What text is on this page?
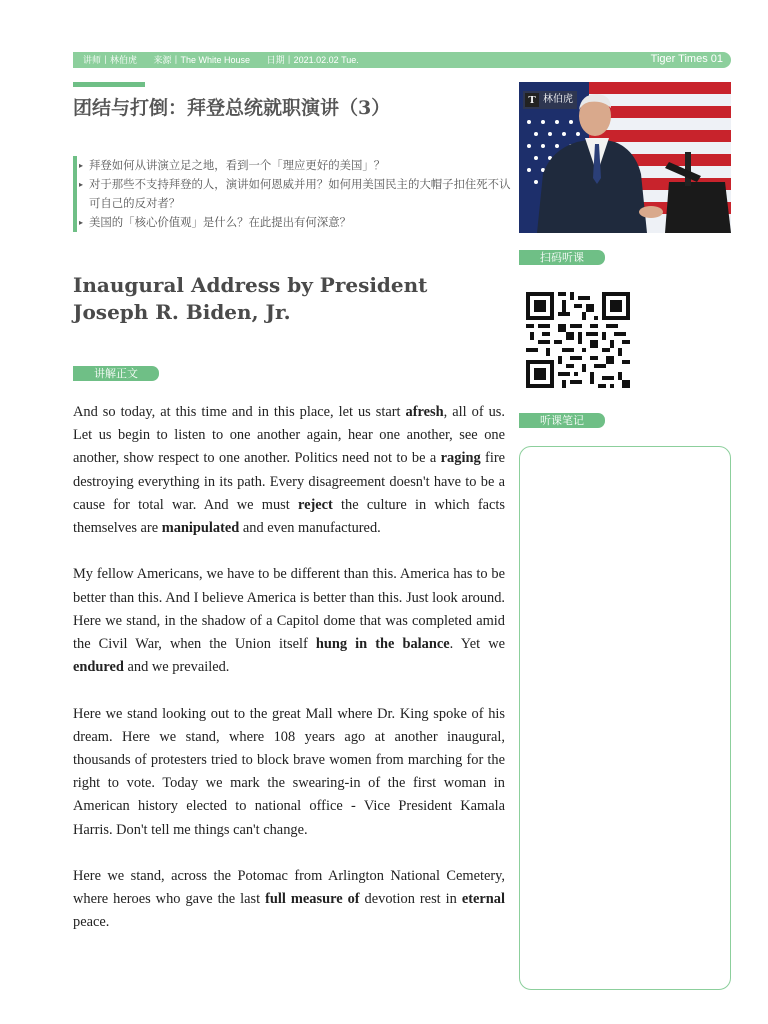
讲师丨林伯虎 来源丨The White House 日期丨2021.02.02 Tue.	Tiger Times 01
团结与打倒：拜登总统就职演讲（3）
▸ 拜登如何从讲演立足之地，看到一个「理应更好的美国」？
▸ 对于那些不支持拜登的人，演讲如何恩威并用？如何用美国民主的大帽子扣住死不认可自己的反对者？
▸ 美国的「核心价值观」是什么？在此提出有何深意？
T 林伯虎
扫码听课
听课笔记
Inaugural Address by President Joseph R. Biden, Jr.
讲解正文

And so today, at this time and in this place, let us start afresh, all of us. Let us begin to listen to one another again, hear one another, see one another, show respect to one another. Politics need not to be a raging fire destroying everything in its path. Every disagreement doesn't have to be a cause for total war. And we must reject the culture in which facts themselves are manipulated and even manufactured.

My fellow Americans, we have to be different than this. America has to be better than this. And I believe America is better than this. Just look around. Here we stand, in the shadow of a Capitol dome that was completed amid the Civil War, when the Union itself hung in the balance. Yet we endured and we prevailed.

Here we stand looking out to the great Mall where Dr. King spoke of his dream. Here we stand, where 108 years ago at another inaugural, thousands of protesters tried to block brave women from marching for the right to vote. Today we mark the swearing-in of the first woman in American history elected to national office - Vice President Kamala Harris. Don't tell me things can't change.

Here we stand, across the Potomac from Arlington National Cemetery, where heroes who gave the last full measure of devotion rest in eternal peace.
